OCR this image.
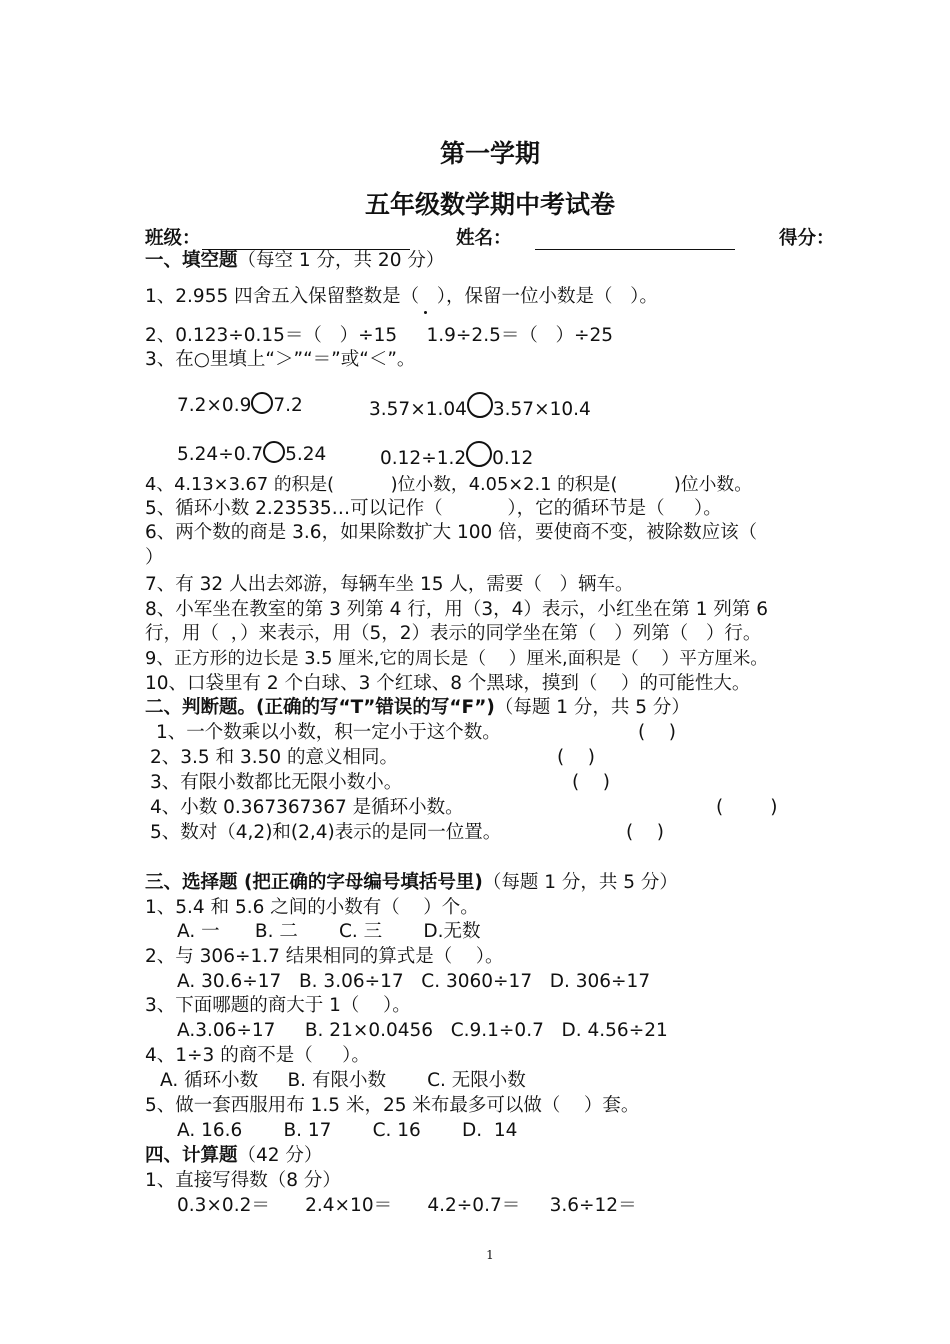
第一学期
五年级数学期中考试卷
班级：	姓名：	得分：
一、填空题（每空 1 分，共 20 分）
1、2.955 四舍五入保留整数是（   ），保留一位小数是（   ）。
2、0.123÷0.15＝（   ）÷15     1.9÷2.5＝（   ）÷25
3、在○里填上“＞”“＝”或“＜”。
7.2×0.9 7.2	3.57×1.04 3.57×10.4
5.24÷0.7 5.24	0.12÷1.2 0.12
4、4.13×3.67 的积是(          )位小数，4.05×2.1 的积是(          )位小数。
5、循环小数 2.23535…可以记作（           ），它的循环节是（     ）。
6、两个数的商是 3.6，如果除数扩大 100 倍，要使商不变，被除数应该（
）
7、有 32 人出去郊游，每辆车坐 15 人，需要（   ）辆车。
8、小军坐在教室的第 3 列第 4 行，用（3，4）表示，小红坐在第 1 列第 6
行，用（  ，）来表示，用（5，2）表示的同学坐在第（   ）列第（   ）行。
9、正方形的边长是 3.5 厘米,它的周长是（    ）厘米,面积是（    ）平方厘米。
10、口袋里有 2 个白球、3 个红球、8 个黑球，摸到（    ）的可能性大。
二、判断题。(正确的写“T”错误的写“F”)（每题 1 分，共 5 分）
1、一个数乘以小数，积一定小于这个数。	(    )
2、3.5 和 3.50 的意义相同。	(    )
3、有限小数都比无限小数小。	(    )
4、小数 0.367367367 是循环小数。	(        )
5、数对（4,2)和(2,4)表示的是同一位置。	(    )
三、选择题 (把正确的字母编号填括号里)（每题 1 分，共 5 分）
1、5.4 和 5.6 之间的小数有（    ）个。
A. 一      B. 二       C. 三       D.无数
2、与 306÷1.7 结果相同的算式是（    ）。
A. 30.6÷17   B. 3.06÷17   C. 3060÷17   D. 306÷17
3、下面哪题的商大于 1（    ）。
A.3.06÷17     B. 21×0.0456   C.9.1÷0.7   D. 4.56÷21
4、1÷3 的商不是（     ）。
A. 循环小数     B. 有限小数       C. 无限小数
5、做一套西服用布 1.5 米，25 米布最多可以做（    ）套。
A. 16.6       B. 17       C. 16       D.  14
四、计算题（42 分）
1、直接写得数（8 分）
0.3×0.2＝      2.4×10＝      4.2÷0.7＝     3.6÷12＝
1
